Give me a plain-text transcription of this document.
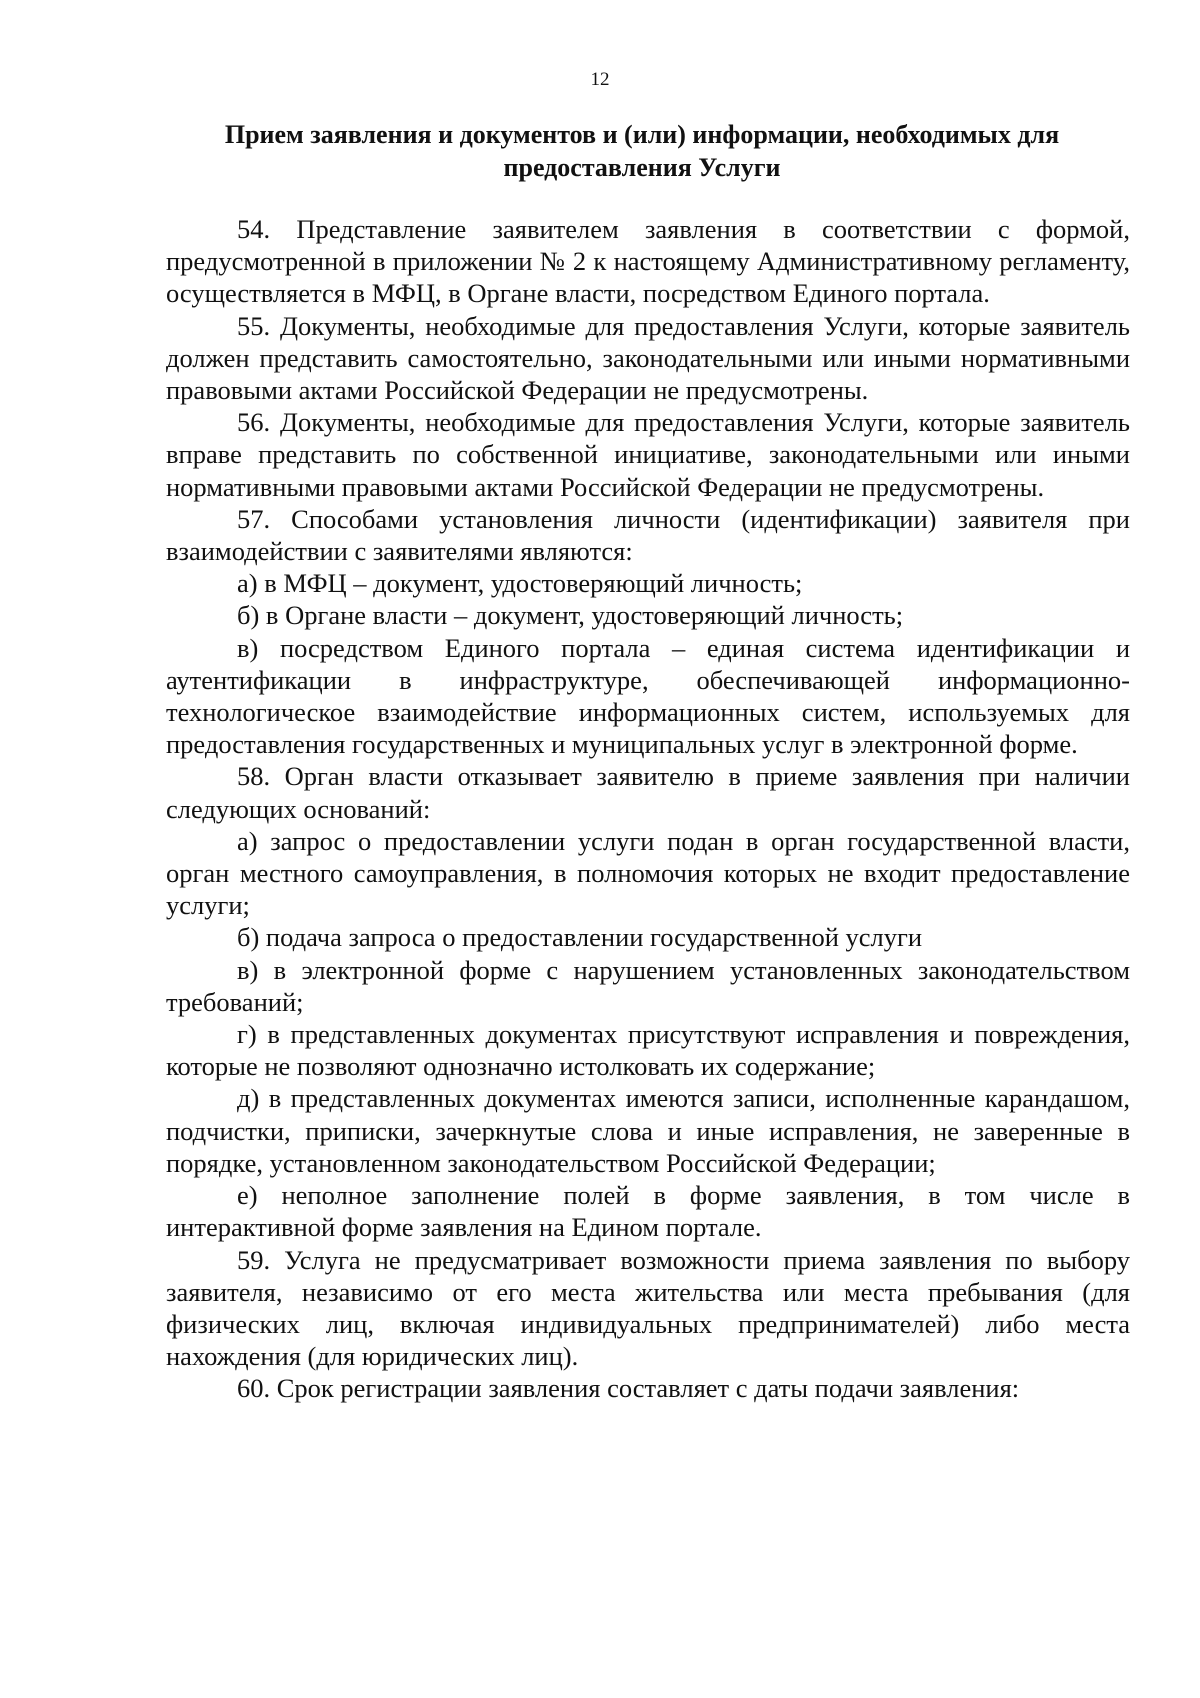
12
Прием заявления и документов и (или) информации, необходимых для предоставления Услуги

54. Представление заявителем заявления в соответствии с формой, предусмотренной в приложении № 2 к настоящему Административному регламенту, осуществляется в МФЦ, в Органе власти, посредством Единого портала.

55. Документы, необходимые для предоставления Услуги, которые заявитель должен представить самостоятельно, законодательными или иными нормативными правовыми актами Российской Федерации не предусмотрены.

56. Документы, необходимые для предоставления Услуги, которые заявитель вправе представить по собственной инициативе, законодательными или иными нормативными правовыми актами Российской Федерации не предусмотрены.

57. Способами установления личности (идентификации) заявителя при взаимодействии с заявителями являются:

а) в МФЦ – документ, удостоверяющий личность;

б) в Органе власти – документ, удостоверяющий личность;

в) посредством Единого портала – единая система идентификации и аутентификации в инфраструктуре, обеспечивающей информационно-технологическое взаимодействие информационных систем, используемых для предоставления государственных и муниципальных услуг в электронной форме.

58. Орган власти отказывает заявителю в приеме заявления при наличии следующих оснований:

а) запрос о предоставлении услуги подан в орган государственной власти, орган местного самоуправления, в полномочия которых не входит предоставление услуги;

б) подача запроса о предоставлении государственной услуги

в) в электронной форме с нарушением установленных законодательством требований;

г) в представленных документах присутствуют исправления и повреждения, которые не позволяют однозначно истолковать их содержание;

д) в представленных документах имеются записи, исполненные карандашом, подчистки, приписки, зачеркнутые слова и иные исправления, не заверенные в порядке, установленном законодательством Российской Федерации;

е) неполное заполнение полей в форме заявления, в том числе в интерактивной форме заявления на Едином портале.

59. Услуга не предусматривает возможности приема заявления по выбору заявителя, независимо от его места жительства или места пребывания (для физических лиц, включая индивидуальных предпринимателей) либо места нахождения (для юридических лиц).

60. Срок регистрации заявления составляет с даты подачи заявления:
